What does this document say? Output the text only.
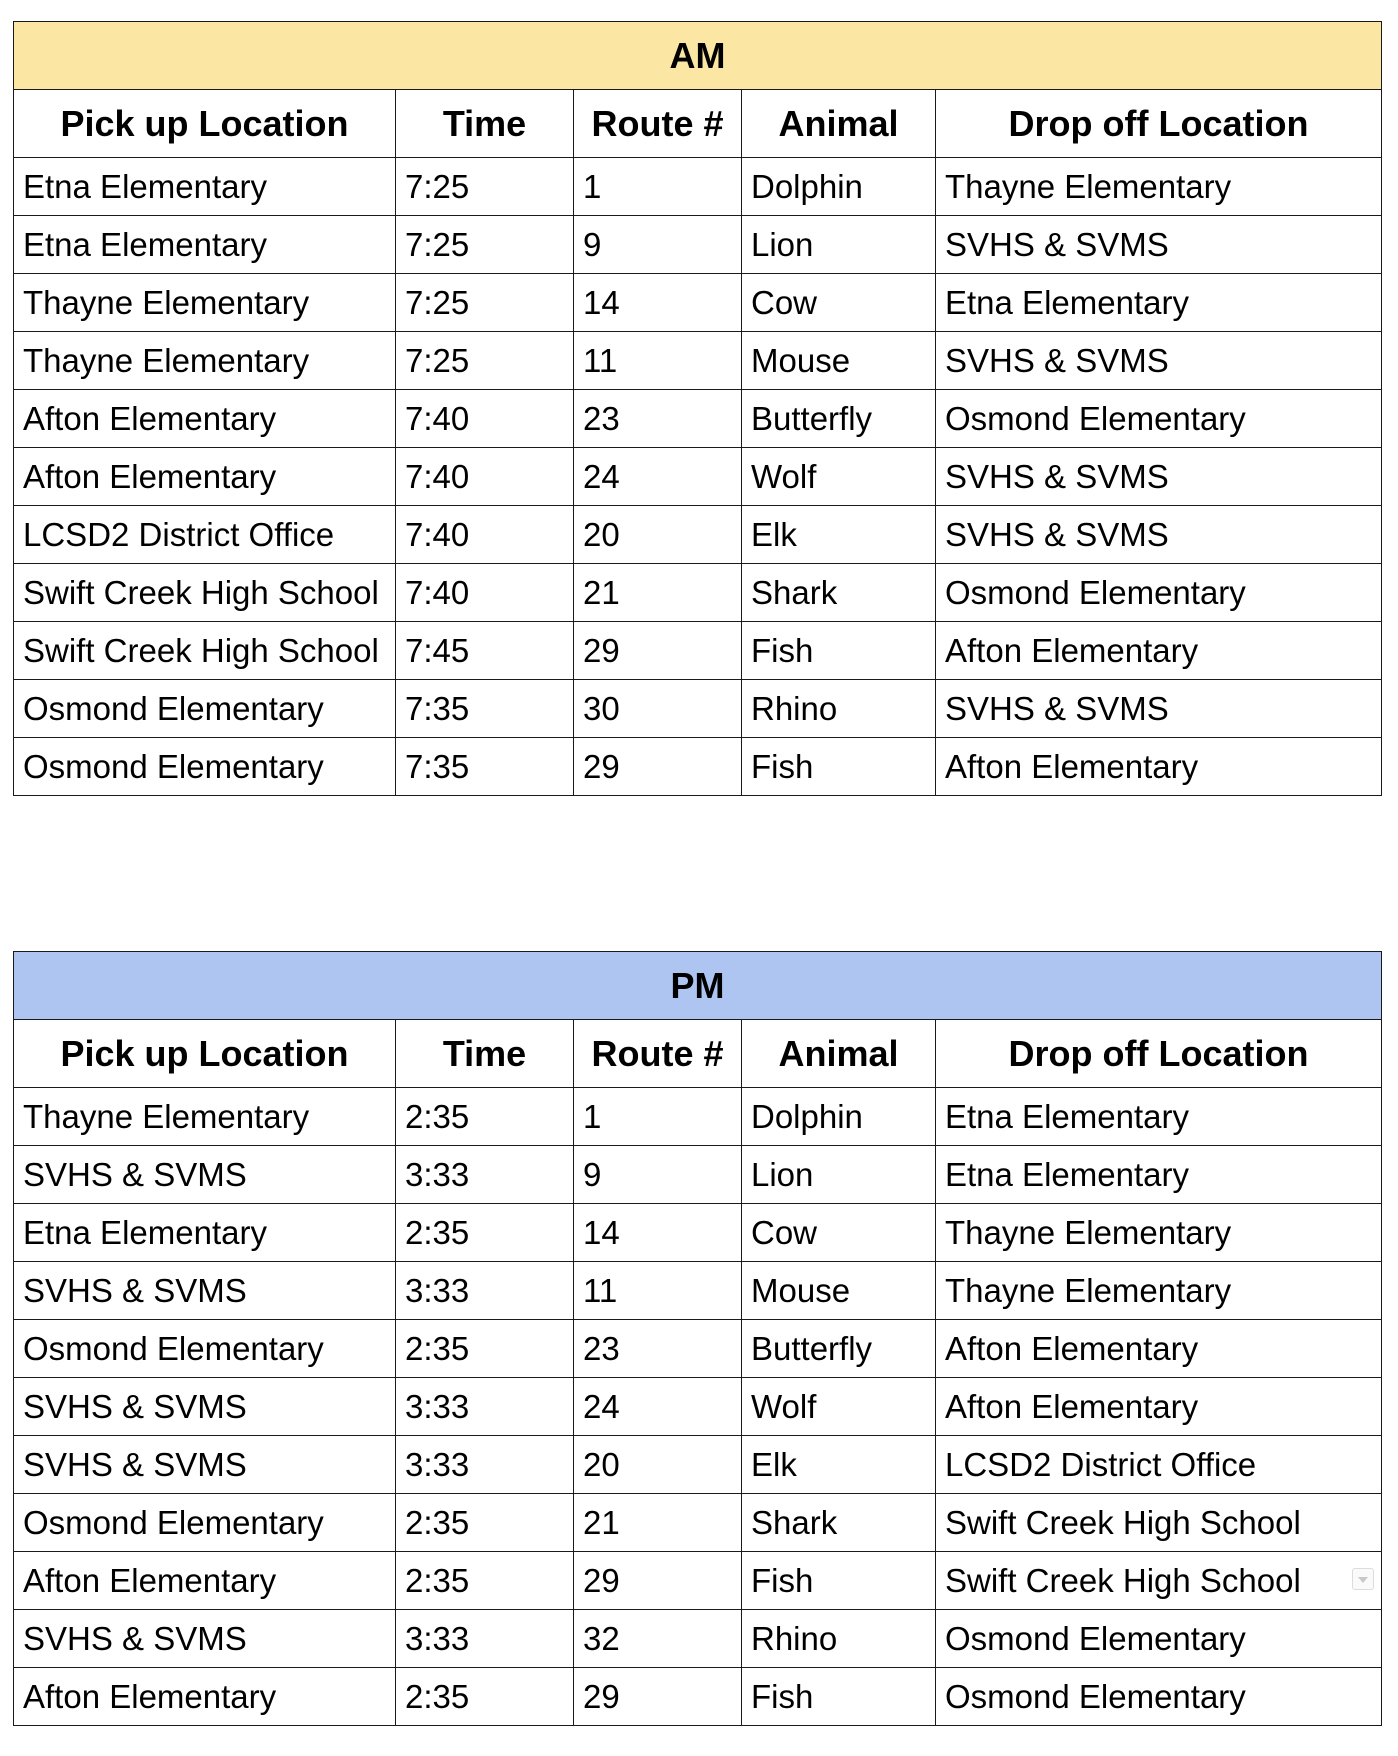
AM				
Pick up Location	Time	Route #	Animal	Drop off Location
Etna Elementary	7:25	1	Dolphin	Thayne Elementary
Etna Elementary	7:25	9	Lion	SVHS & SVMS
Thayne Elementary	7:25	14	Cow	Etna Elementary
Thayne Elementary	7:25	11	Mouse	SVHS & SVMS
Afton Elementary	7:40	23	Butterfly	Osmond Elementary
Afton Elementary	7:40	24	Wolf	SVHS & SVMS
LCSD2 District Office	7:40	20	Elk	SVHS & SVMS
Swift Creek High School	7:40	21	Shark	Osmond Elementary
Swift Creek High School	7:45	29	Fish	Afton Elementary
Osmond Elementary	7:35	30	Rhino	SVHS & SVMS
Osmond Elementary	7:35	29	Fish	Afton Elementary
PM				
Pick up Location	Time	Route #	Animal	Drop off Location
Thayne Elementary	2:35	1	Dolphin	Etna Elementary
SVHS & SVMS	3:33	9	Lion	Etna Elementary
Etna Elementary	2:35	14	Cow	Thayne Elementary
SVHS & SVMS	3:33	11	Mouse	Thayne Elementary
Osmond Elementary	2:35	23	Butterfly	Afton Elementary
SVHS & SVMS	3:33	24	Wolf	Afton Elementary
SVHS & SVMS	3:33	20	Elk	LCSD2 District Office
Osmond Elementary	2:35	21	Shark	Swift Creek High School
Afton Elementary	2:35	29	Fish	Swift Creek High School
SVHS & SVMS	3:33	32	Rhino	Osmond Elementary
Afton Elementary	2:35	29	Fish	Osmond Elementary
